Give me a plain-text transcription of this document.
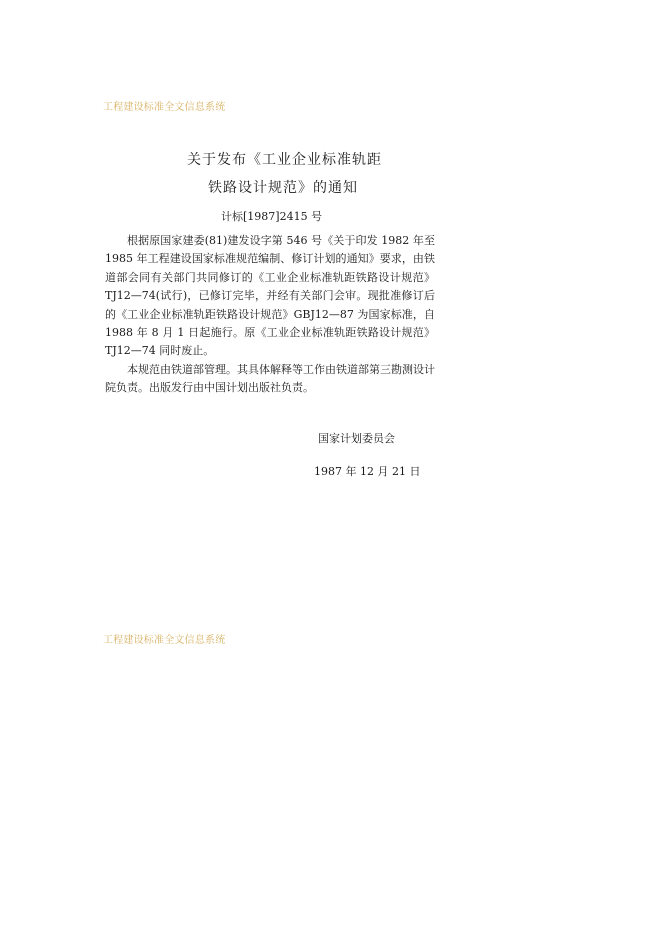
工程建设标准全文信息系统
关于发布《工业企业标准轨距
铁路设计规范》的通知
计标[1987]2415 号

根据原国家建委(81)建发设字第 546 号《关于印发 1982 年至 1985 年工程建设国家标准规范编制、修订计划的通知》要求，由铁道部会同有关部门共同修订的《工业企业标准轨距铁路设计规范》TJ12—74(试行)，已修订完毕，并经有关部门会审。现批准修订后的《工业企业标准轨距铁路设计规范》GBJ12—87 为国家标准，自 1988 年 8 月 1 日起施行。原《工业企业标准轨距铁路设计规范》TJ12—74 同时废止。

本规范由铁道部管理。其具体解释等工作由铁道部第三勘测设计院负责。出版发行由中国计划出版社负责。

国家计划委员会
1987 年 12 月 21 日
工程建设标准全文信息系统
